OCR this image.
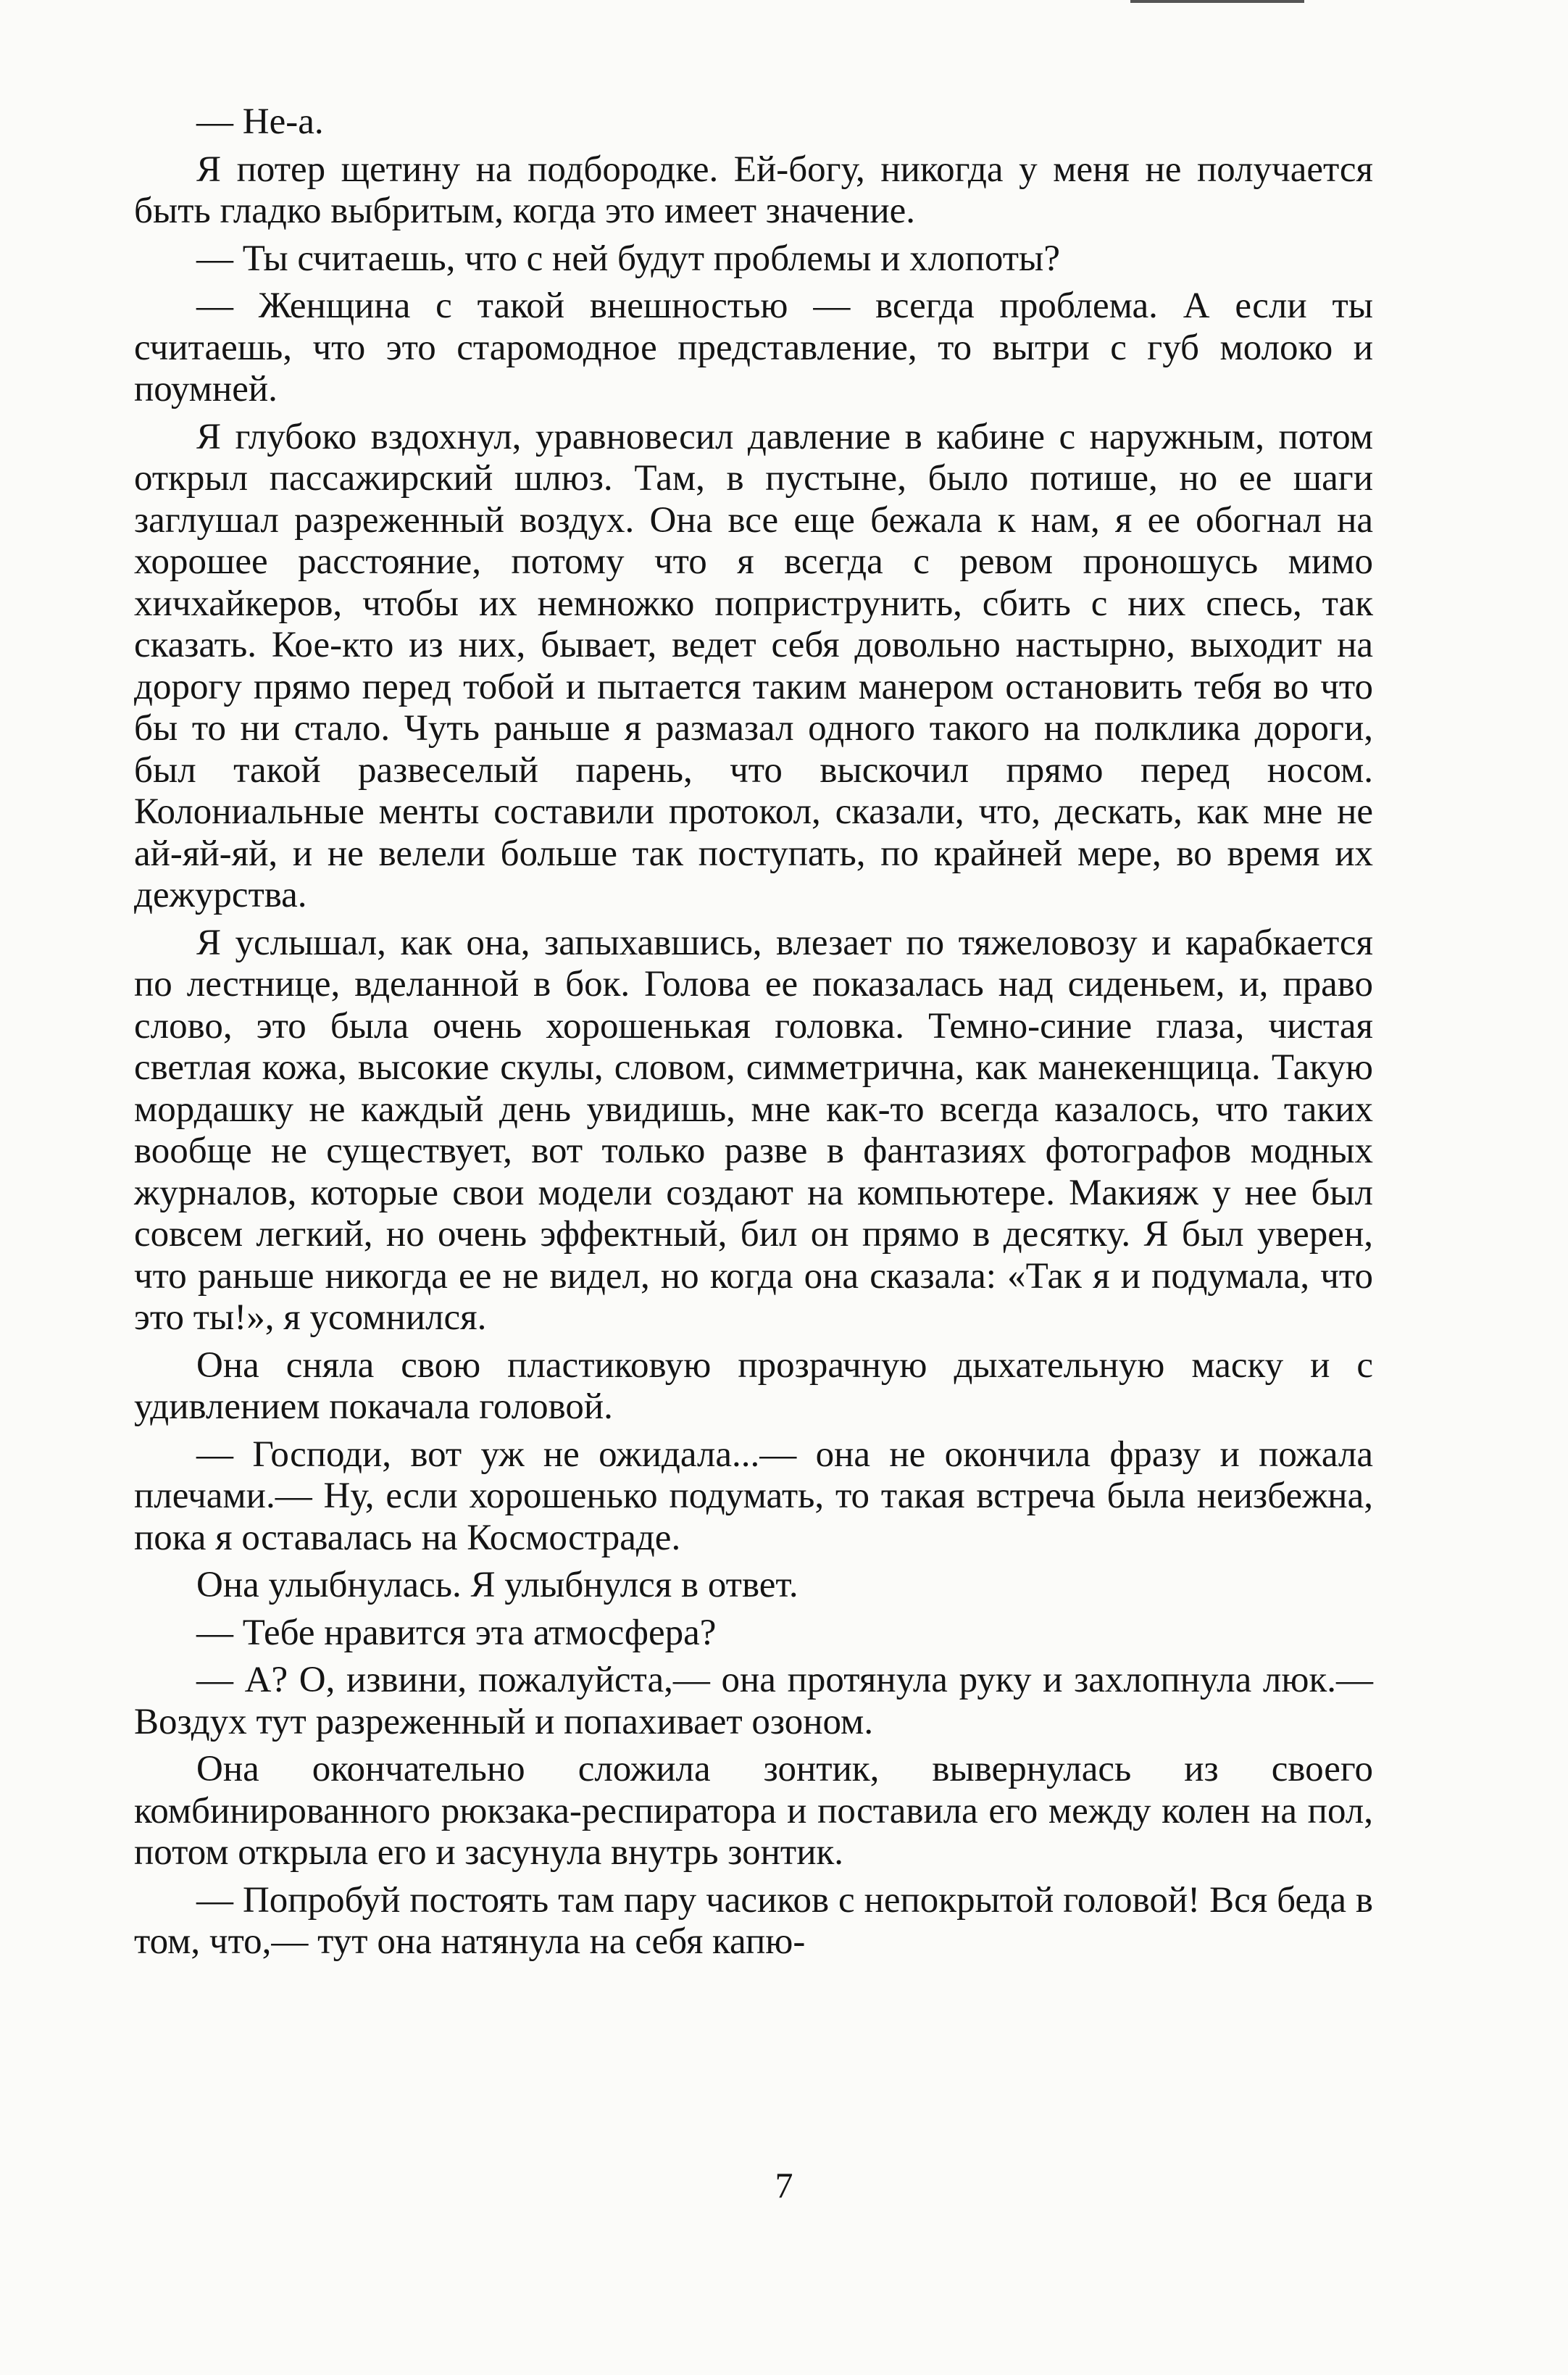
— Не-а.

Я потер щетину на подбородке. Ей-богу, никогда у меня не получается быть гладко выбритым, когда это имеет значение.

— Ты считаешь, что с ней будут проблемы и хлопоты?

— Женщина с такой внешностью — всегда проблема. А если ты считаешь, что это старомодное представление, то вытри с губ молоко и поумней.

Я глубоко вздохнул, уравновесил давление в кабине с наружным, потом открыл пассажирский шлюз. Там, в пустыне, было потише, но ее шаги заглушал разреженный воздух. Она все еще бежала к нам, я ее обогнал на хорошее расстояние, потому что я всегда с ревом проношусь мимо хичхайкеров, чтобы их немножко поприструнить, сбить с них спесь, так сказать. Кое-кто из них, бывает, ведет себя довольно настырно, выходит на дорогу прямо перед тобой и пытается таким манером остановить тебя во что бы то ни стало. Чуть раньше я размазал одного такого на полклика дороги, был такой развеселый парень, что выскочил прямо перед носом. Колониальные менты составили протокол, сказали, что, дескать, как мне не ай-яй-яй, и не велели больше так поступать, по крайней мере, во время их дежурства.

Я услышал, как она, запыхавшись, влезает по тяжеловозу и карабкается по лестнице, вделанной в бок. Голова ее показалась над сиденьем, и, право слово, это была очень хорошенькая головка. Темно-синие глаза, чистая светлая кожа, высокие скулы, словом, симметрична, как манекенщица. Такую мордашку не каждый день увидишь, мне как-то всегда казалось, что таких вообще не существует, вот только разве в фантазиях фотографов модных журналов, которые свои модели создают на компьютере. Макияж у нее был совсем легкий, но очень эффектный, бил он прямо в десятку. Я был уверен, что раньше никогда ее не видел, но когда она сказала: «Так я и подумала, что это ты!», я усомнился.

Она сняла свою пластиковую прозрачную дыхательную маску и с удивлением покачала головой.

— Господи, вот уж не ожидала...— она не окончила фразу и пожала плечами.— Ну, если хорошенько подумать, то такая встреча была неизбежна, пока я оставалась на Космостраде.

Она улыбнулась. Я улыбнулся в ответ.

— Тебе нравится эта атмосфера?

— А? О, извини, пожалуйста,— она протянула руку и захлопнула люк.— Воздух тут разреженный и попахивает озоном.

Она окончательно сложила зонтик, вывернулась из своего комбинированного рюкзака-респиратора и поставила его между колен на пол, потом открыла его и засунула внутрь зонтик.

— Попробуй постоять там пару часиков с непокрытой головой! Вся беда в том, что,— тут она натянула на себя капю-

7
